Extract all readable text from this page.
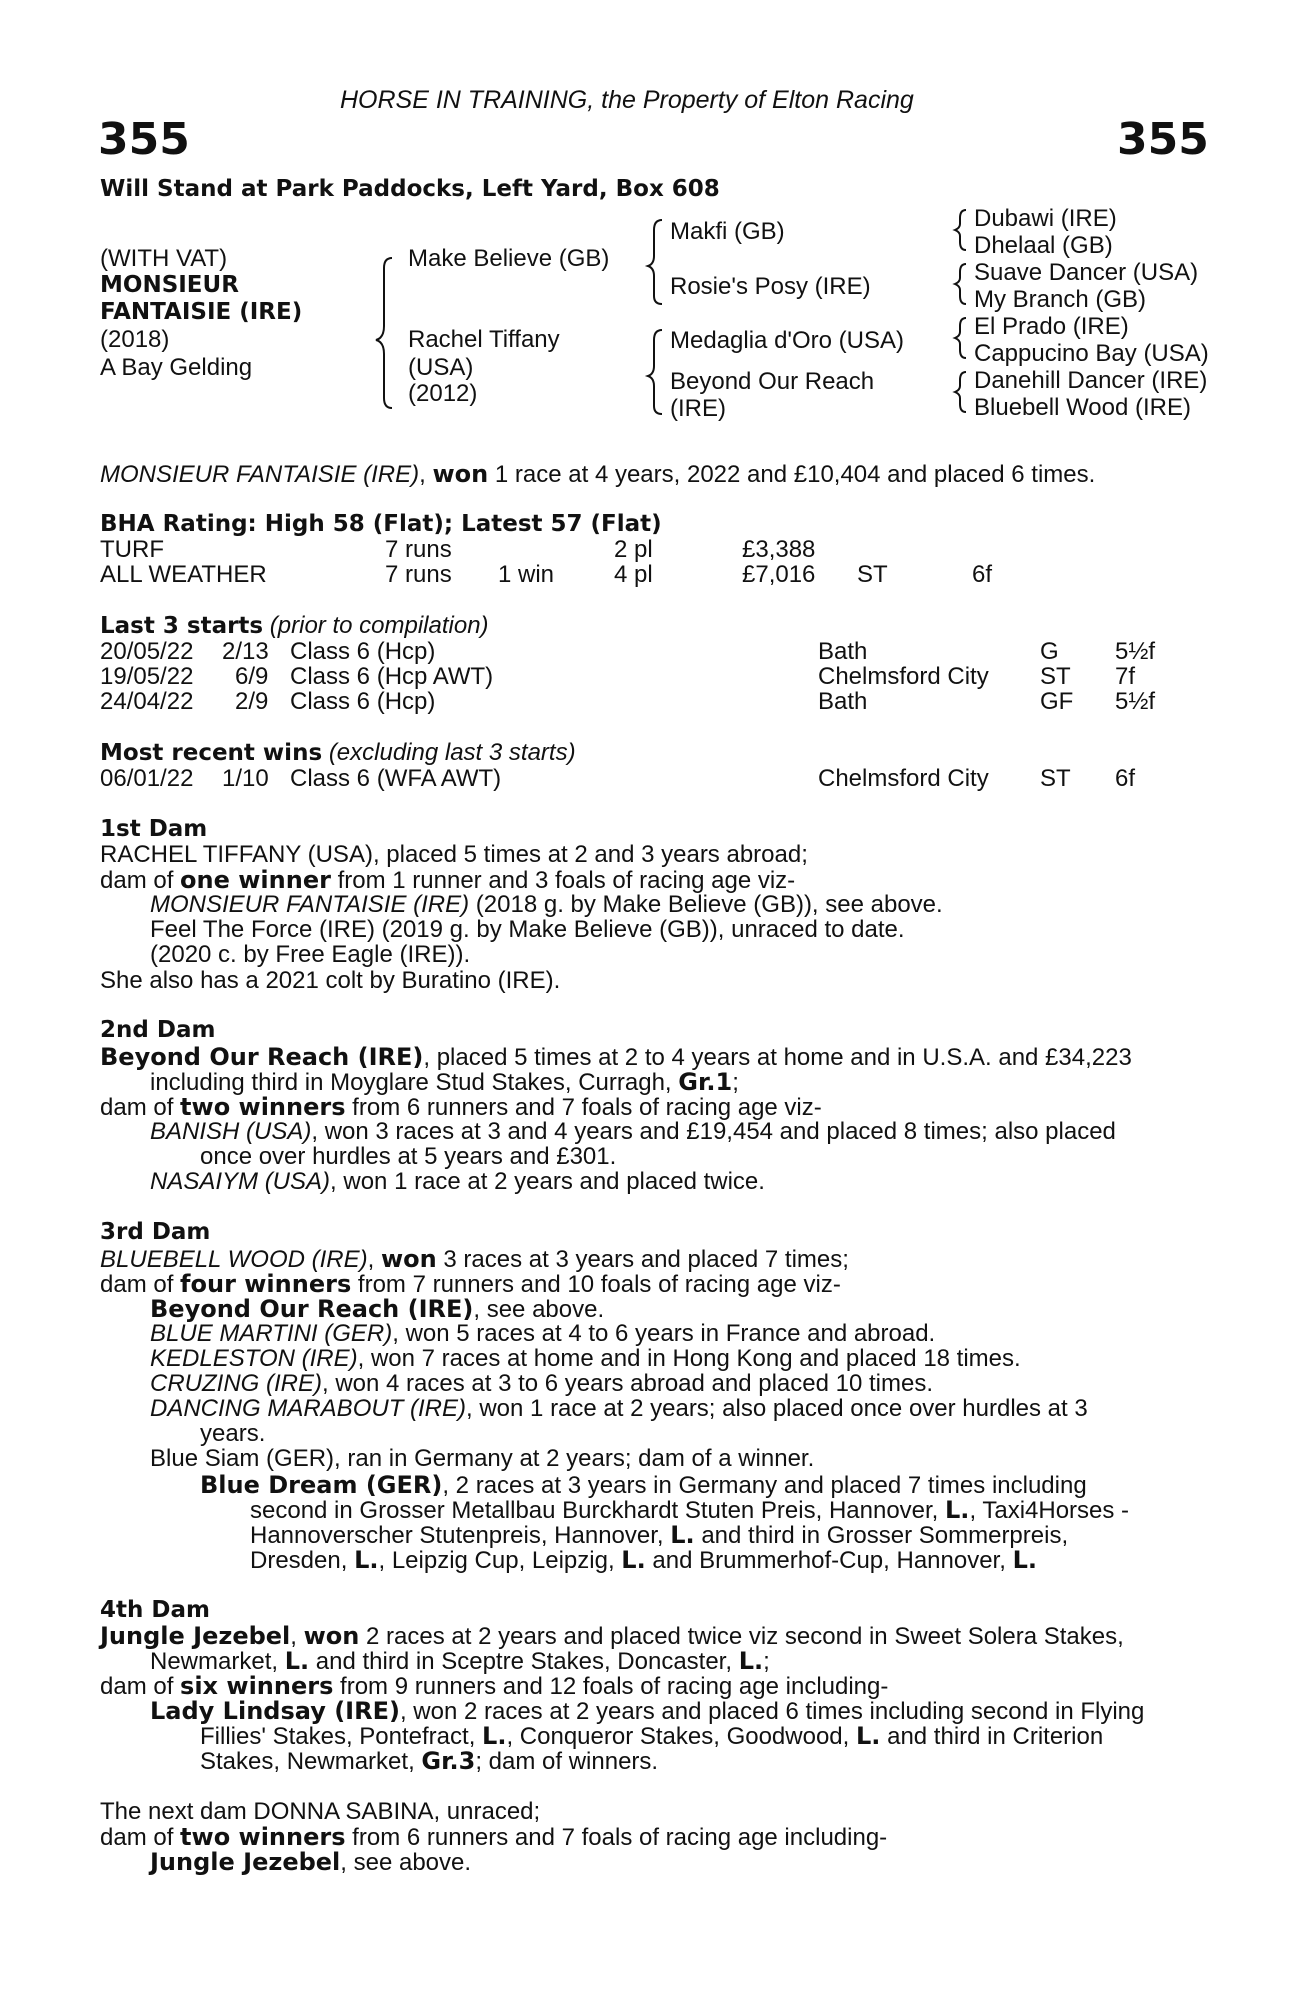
HORSE IN TRAINING, the Property of Elton Racing
355	355
Will Stand at Park Paddocks, Left Yard, Box 608
(WITH VAT)
MONSIEUR
FANTAISIE (IRE)
(2018)
A Bay Gelding
Make Believe (GB)
Rachel Tiffany
(USA)
(2012)
Makfi (GB)
Rosie's Posy (IRE)
Medaglia d'Oro (USA)
Beyond Our Reach
(IRE)
Dubawi (IRE)
Dhelaal (GB)
Suave Dancer (USA)
My Branch (GB)
El Prado (IRE)
Cappucino Bay (USA)
Danehill Dancer (IRE)
Bluebell Wood (IRE)
MONSIEUR FANTAISIE (IRE), won 1 race at 4 years, 2022 and £10,404 and placed 6 times.
BHA Rating: High 58 (Flat); Latest 57 (Flat)
TURF	7 runs	2 pl	£3,388
ALL WEATHER	7 runs 1 win 4 pl	£7,016 ST	6f
Last 3 starts (prior to compilation)
20/05/22 2/13 Class 6 (Hcp)	Bath	G 5½f
19/05/22 6/9 Class 6 (Hcp AWT)	Chelmsford City ST 7f
24/04/22 2/9 Class 6 (Hcp)	Bath	GF 5½f
Most recent wins (excluding last 3 starts)
06/01/22 1/10 Class 6 (WFA AWT)	Chelmsford City ST 6f
1st Dam
RACHEL TIFFANY (USA), placed 5 times at 2 and 3 years abroad;
dam of one winner from 1 runner and 3 foals of racing age viz-
MONSIEUR FANTAISIE (IRE) (2018 g. by Make Believe (GB)), see above.
Feel The Force (IRE) (2019 g. by Make Believe (GB)), unraced to date.
(2020 c. by Free Eagle (IRE)).
She also has a 2021 colt by Buratino (IRE).
2nd Dam
Beyond Our Reach (IRE), placed 5 times at 2 to 4 years at home and in U.S.A. and £34,223
including third in Moyglare Stud Stakes, Curragh, Gr.1;
dam of two winners from 6 runners and 7 foals of racing age viz-
BANISH (USA), won 3 races at 3 and 4 years and £19,454 and placed 8 times; also placed
once over hurdles at 5 years and £301.
NASAIYM (USA), won 1 race at 2 years and placed twice.
3rd Dam
BLUEBELL WOOD (IRE), won 3 races at 3 years and placed 7 times;
dam of four winners from 7 runners and 10 foals of racing age viz-
Beyond Our Reach (IRE), see above.
BLUE MARTINI (GER), won 5 races at 4 to 6 years in France and abroad.
KEDLESTON (IRE), won 7 races at home and in Hong Kong and placed 18 times.
CRUZING (IRE), won 4 races at 3 to 6 years abroad and placed 10 times.
DANCING MARABOUT (IRE), won 1 race at 2 years; also placed once over hurdles at 3
years.
Blue Siam (GER), ran in Germany at 2 years; dam of a winner.
Blue Dream (GER), 2 races at 3 years in Germany and placed 7 times including
second in Grosser Metallbau Burckhardt Stuten Preis, Hannover, L., Taxi4Horses -
Hannoverscher Stutenpreis, Hannover, L. and third in Grosser Sommerpreis,
Dresden, L., Leipzig Cup, Leipzig, L. and Brummerhof-Cup, Hannover, L.
4th Dam
Jungle Jezebel, won 2 races at 2 years and placed twice viz second in Sweet Solera Stakes,
Newmarket, L. and third in Sceptre Stakes, Doncaster, L.;
dam of six winners from 9 runners and 12 foals of racing age including-
Lady Lindsay (IRE), won 2 races at 2 years and placed 6 times including second in Flying
Fillies' Stakes, Pontefract, L., Conqueror Stakes, Goodwood, L. and third in Criterion
Stakes, Newmarket, Gr.3; dam of winners.
The next dam DONNA SABINA, unraced;
dam of two winners from 6 runners and 7 foals of racing age including-
Jungle Jezebel, see above.
